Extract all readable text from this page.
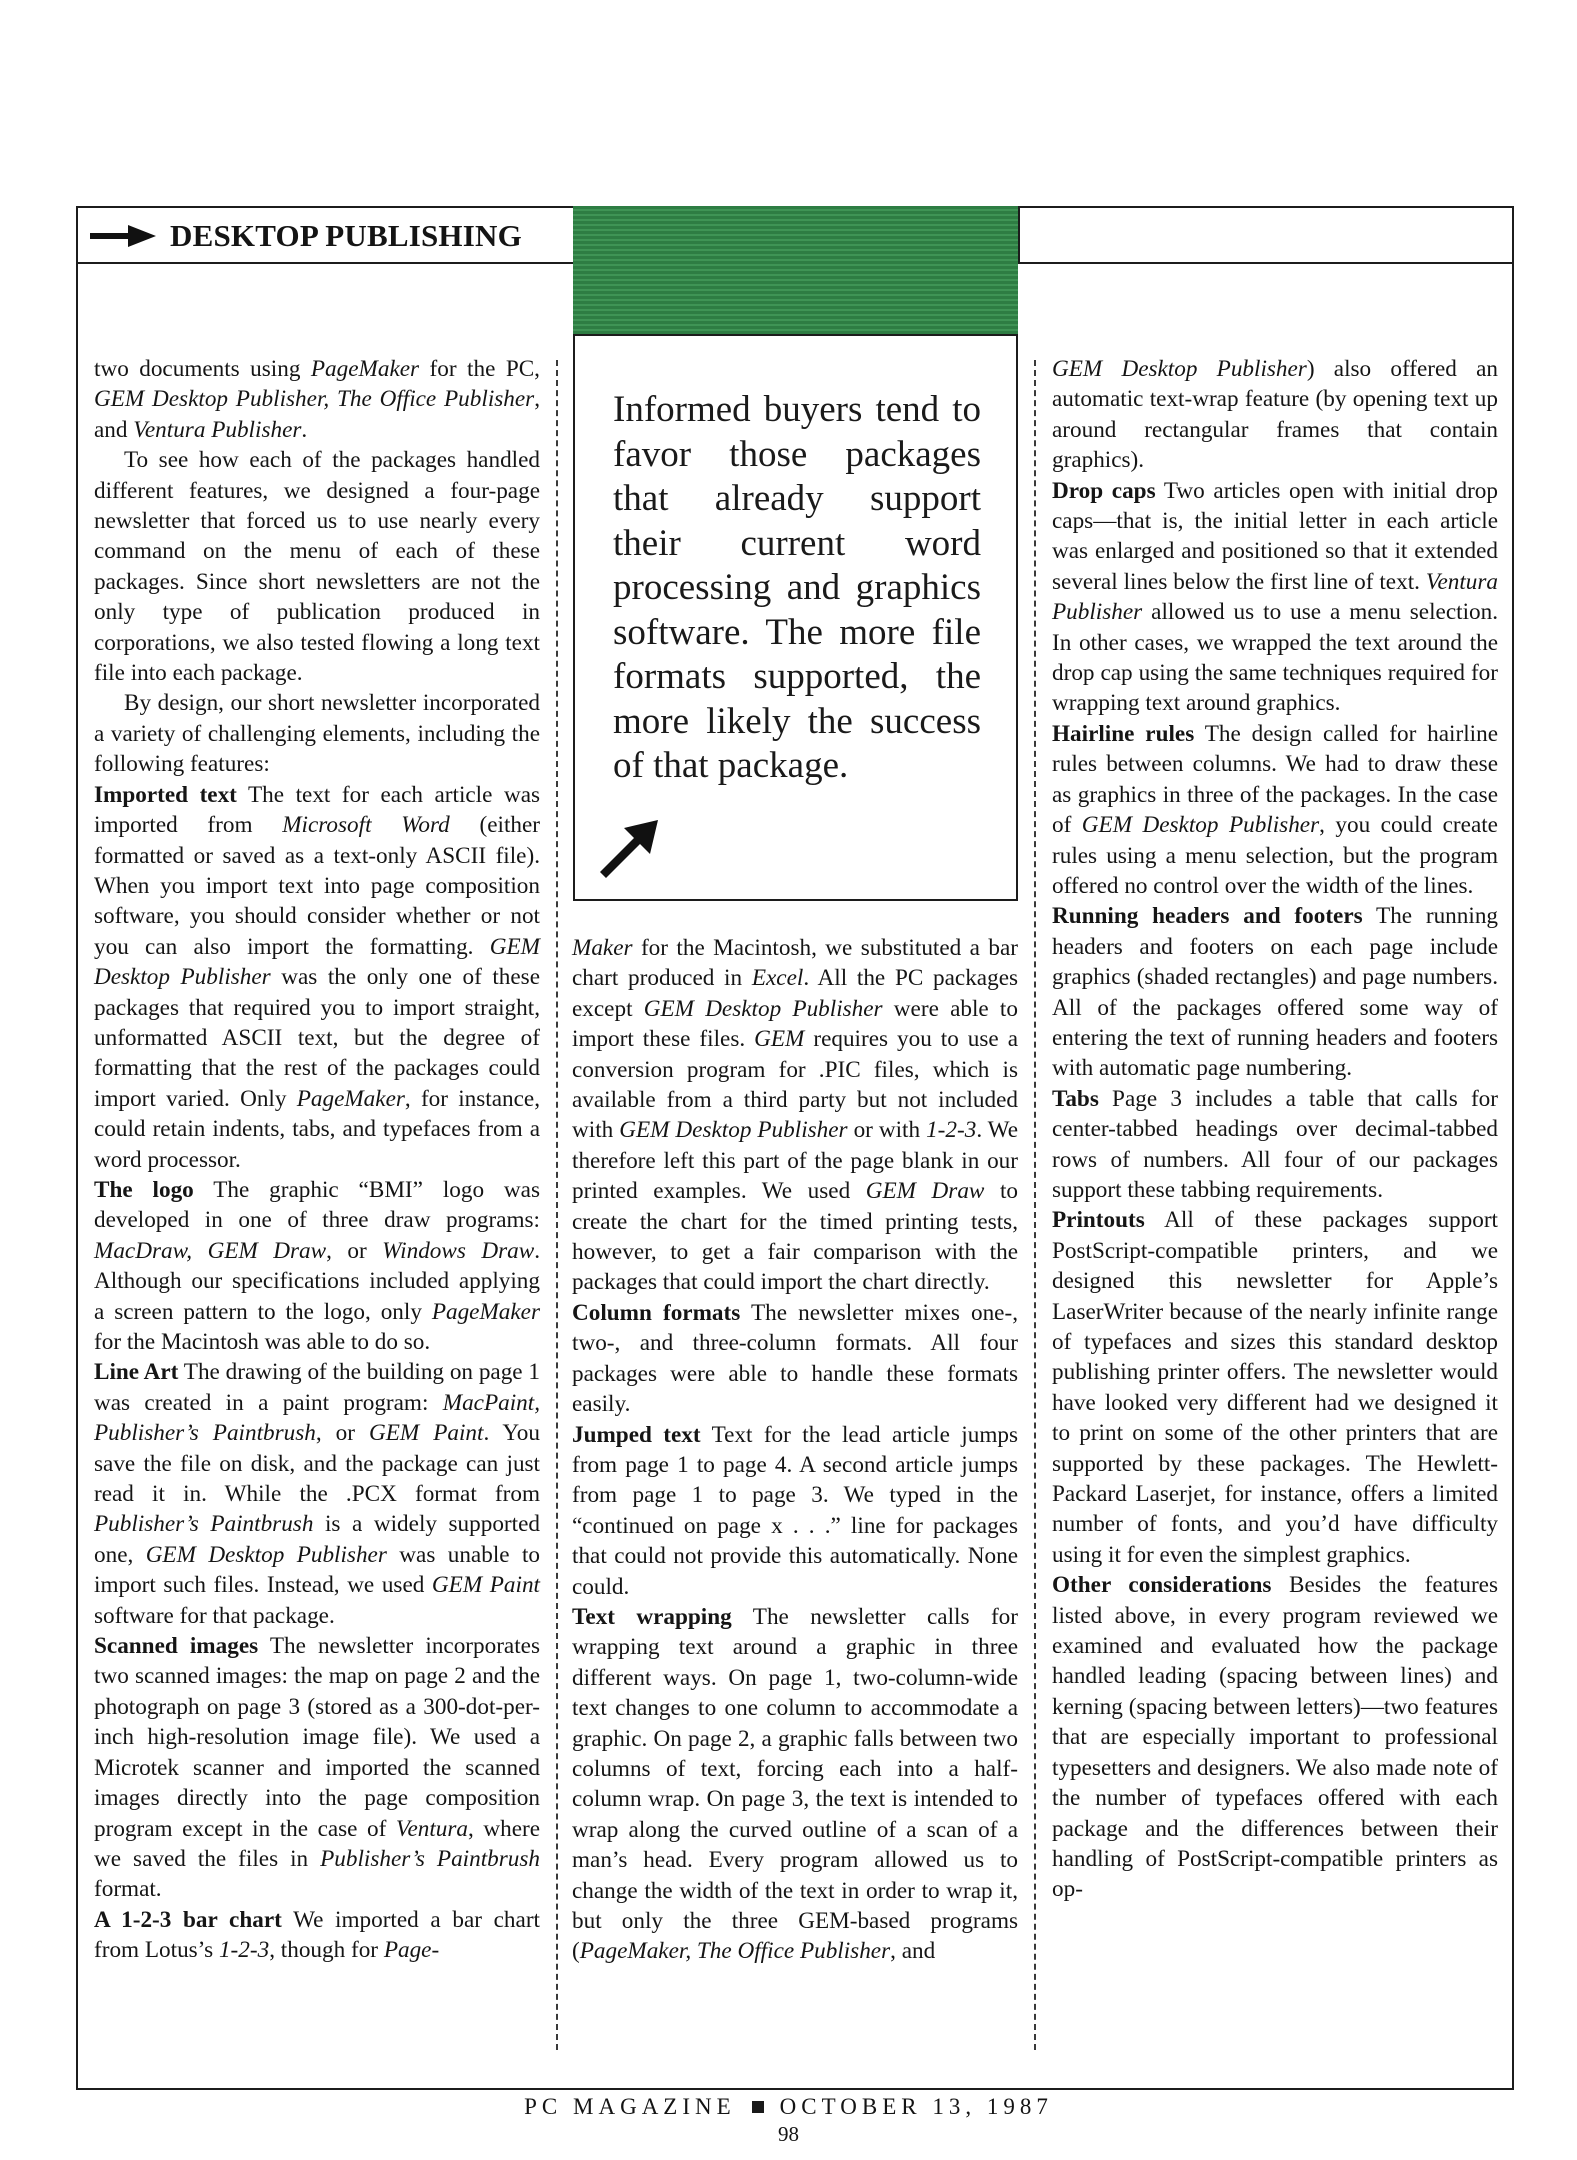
DESKTOP PUBLISHING
Informed buyers tend to favor those packages that already support their current word processing and graphics software. The more file formats supported, the more likely the success of that package.

two documents using PageMaker for the PC, GEM Desktop Publisher, The Office Publisher, and Ventura Publisher.

To see how each of the packages handled different features, we designed a four-page newsletter that forced us to use nearly every command on the menu of each of these packages. Since short newsletters are not the only type of publication produced in corporations, we also tested flowing a long text file into each package.

By design, our short newsletter incorporated a variety of challenging elements, including the following features:

Imported text The text for each article was imported from Microsoft Word (either formatted or saved as a text-only ASCII file). When you import text into page composition software, you should consider whether or not you can also import the formatting. GEM Desktop Publisher was the only one of these packages that required you to import straight, unformatted ASCII text, but the degree of formatting that the rest of the packages could import varied. Only PageMaker, for instance, could retain indents, tabs, and typefaces from a word processor.

The logo The graphic “BMI” logo was developed in one of three draw programs: MacDraw, GEM Draw, or Windows Draw. Although our specifications included applying a screen pattern to the logo, only PageMaker for the Macintosh was able to do so.

Line Art The drawing of the building on page 1 was created in a paint program: MacPaint, Publisher’s Paintbrush, or GEM Paint. You save the file on disk, and the package can just read it in. While the .PCX format from Publisher’s Paintbrush is a widely supported one, GEM Desktop Publisher was unable to import such files. Instead, we used GEM Paint software for that package.

Scanned images The newsletter incorporates two scanned images: the map on page 2 and the photograph on page 3 (stored as a 300-dot-per-inch high-resolution image file). We used a Microtek scanner and imported the scanned images directly into the page composition program except in the case of Ventura, where we saved the files in Publisher’s Paintbrush format.

A 1-2-3 bar chart We imported a bar chart from Lotus’s 1-2-3, though for Page-

Maker for the Macintosh, we substituted a bar chart produced in Excel. All the PC packages except GEM Desktop Publisher were able to import these files. GEM requires you to use a conversion program for .PIC files, which is available from a third party but not included with GEM Desktop Publisher or with 1-2-3. We therefore left this part of the page blank in our printed examples. We used GEM Draw to create the chart for the timed printing tests, however, to get a fair comparison with the packages that could import the chart directly.

Column formats The newsletter mixes one-, two-, and three-column formats. All four packages were able to handle these formats easily.

Jumped text Text for the lead article jumps from page 1 to page 4. A second article jumps from page 1 to page 3. We typed in the “continued on page x . . .” line for packages that could not provide this automatically. None could.

Text wrapping The newsletter calls for wrapping text around a graphic in three different ways. On page 1, two-column-wide text changes to one column to accommodate a graphic. On page 2, a graphic falls between two columns of text, forcing each into a half-column wrap. On page 3, the text is intended to wrap along the curved outline of a scan of a man’s head. Every program allowed us to change the width of the text in order to wrap it, but only the three GEM-based programs (PageMaker, The Office Publisher, and

GEM Desktop Publisher) also offered an automatic text-wrap feature (by opening text up around rectangular frames that contain graphics).

Drop caps Two articles open with initial drop caps—that is, the initial letter in each article was enlarged and positioned so that it extended several lines below the first line of text. Ventura Publisher allowed us to use a menu selection. In other cases, we wrapped the text around the drop cap using the same techniques required for wrapping text around graphics.

Hairline rules The design called for hairline rules between columns. We had to draw these as graphics in three of the packages. In the case of GEM Desktop Publisher, you could create rules using a menu selection, but the program offered no control over the width of the lines.

Running headers and footers The running headers and footers on each page include graphics (shaded rectangles) and page numbers. All of the packages offered some way of entering the text of running headers and footers with automatic page numbering.

Tabs Page 3 includes a table that calls for center-tabbed headings over decimal-tabbed rows of numbers. All four of our packages support these tabbing requirements.

Printouts All of these packages support PostScript-compatible printers, and we designed this newsletter for Apple’s LaserWriter because of the nearly infinite range of typefaces and sizes this standard desktop publishing printer offers. The newsletter would have looked very different had we designed it to print on some of the other printers that are supported by these packages. The Hewlett-Packard Laserjet, for instance, offers a limited number of fonts, and you’d have difficulty using it for even the simplest graphics.

Other considerations Besides the features listed above, in every program reviewed we examined and evaluated how the package handled leading (spacing between lines) and kerning (spacing between letters)—two features that are especially important to professional typesetters and designers. We also made note of the number of typefaces offered with each package and the differences between their handling of PostScript-compatible printers as op-

PC MAGAZINE OCTOBER 13, 1987
98
